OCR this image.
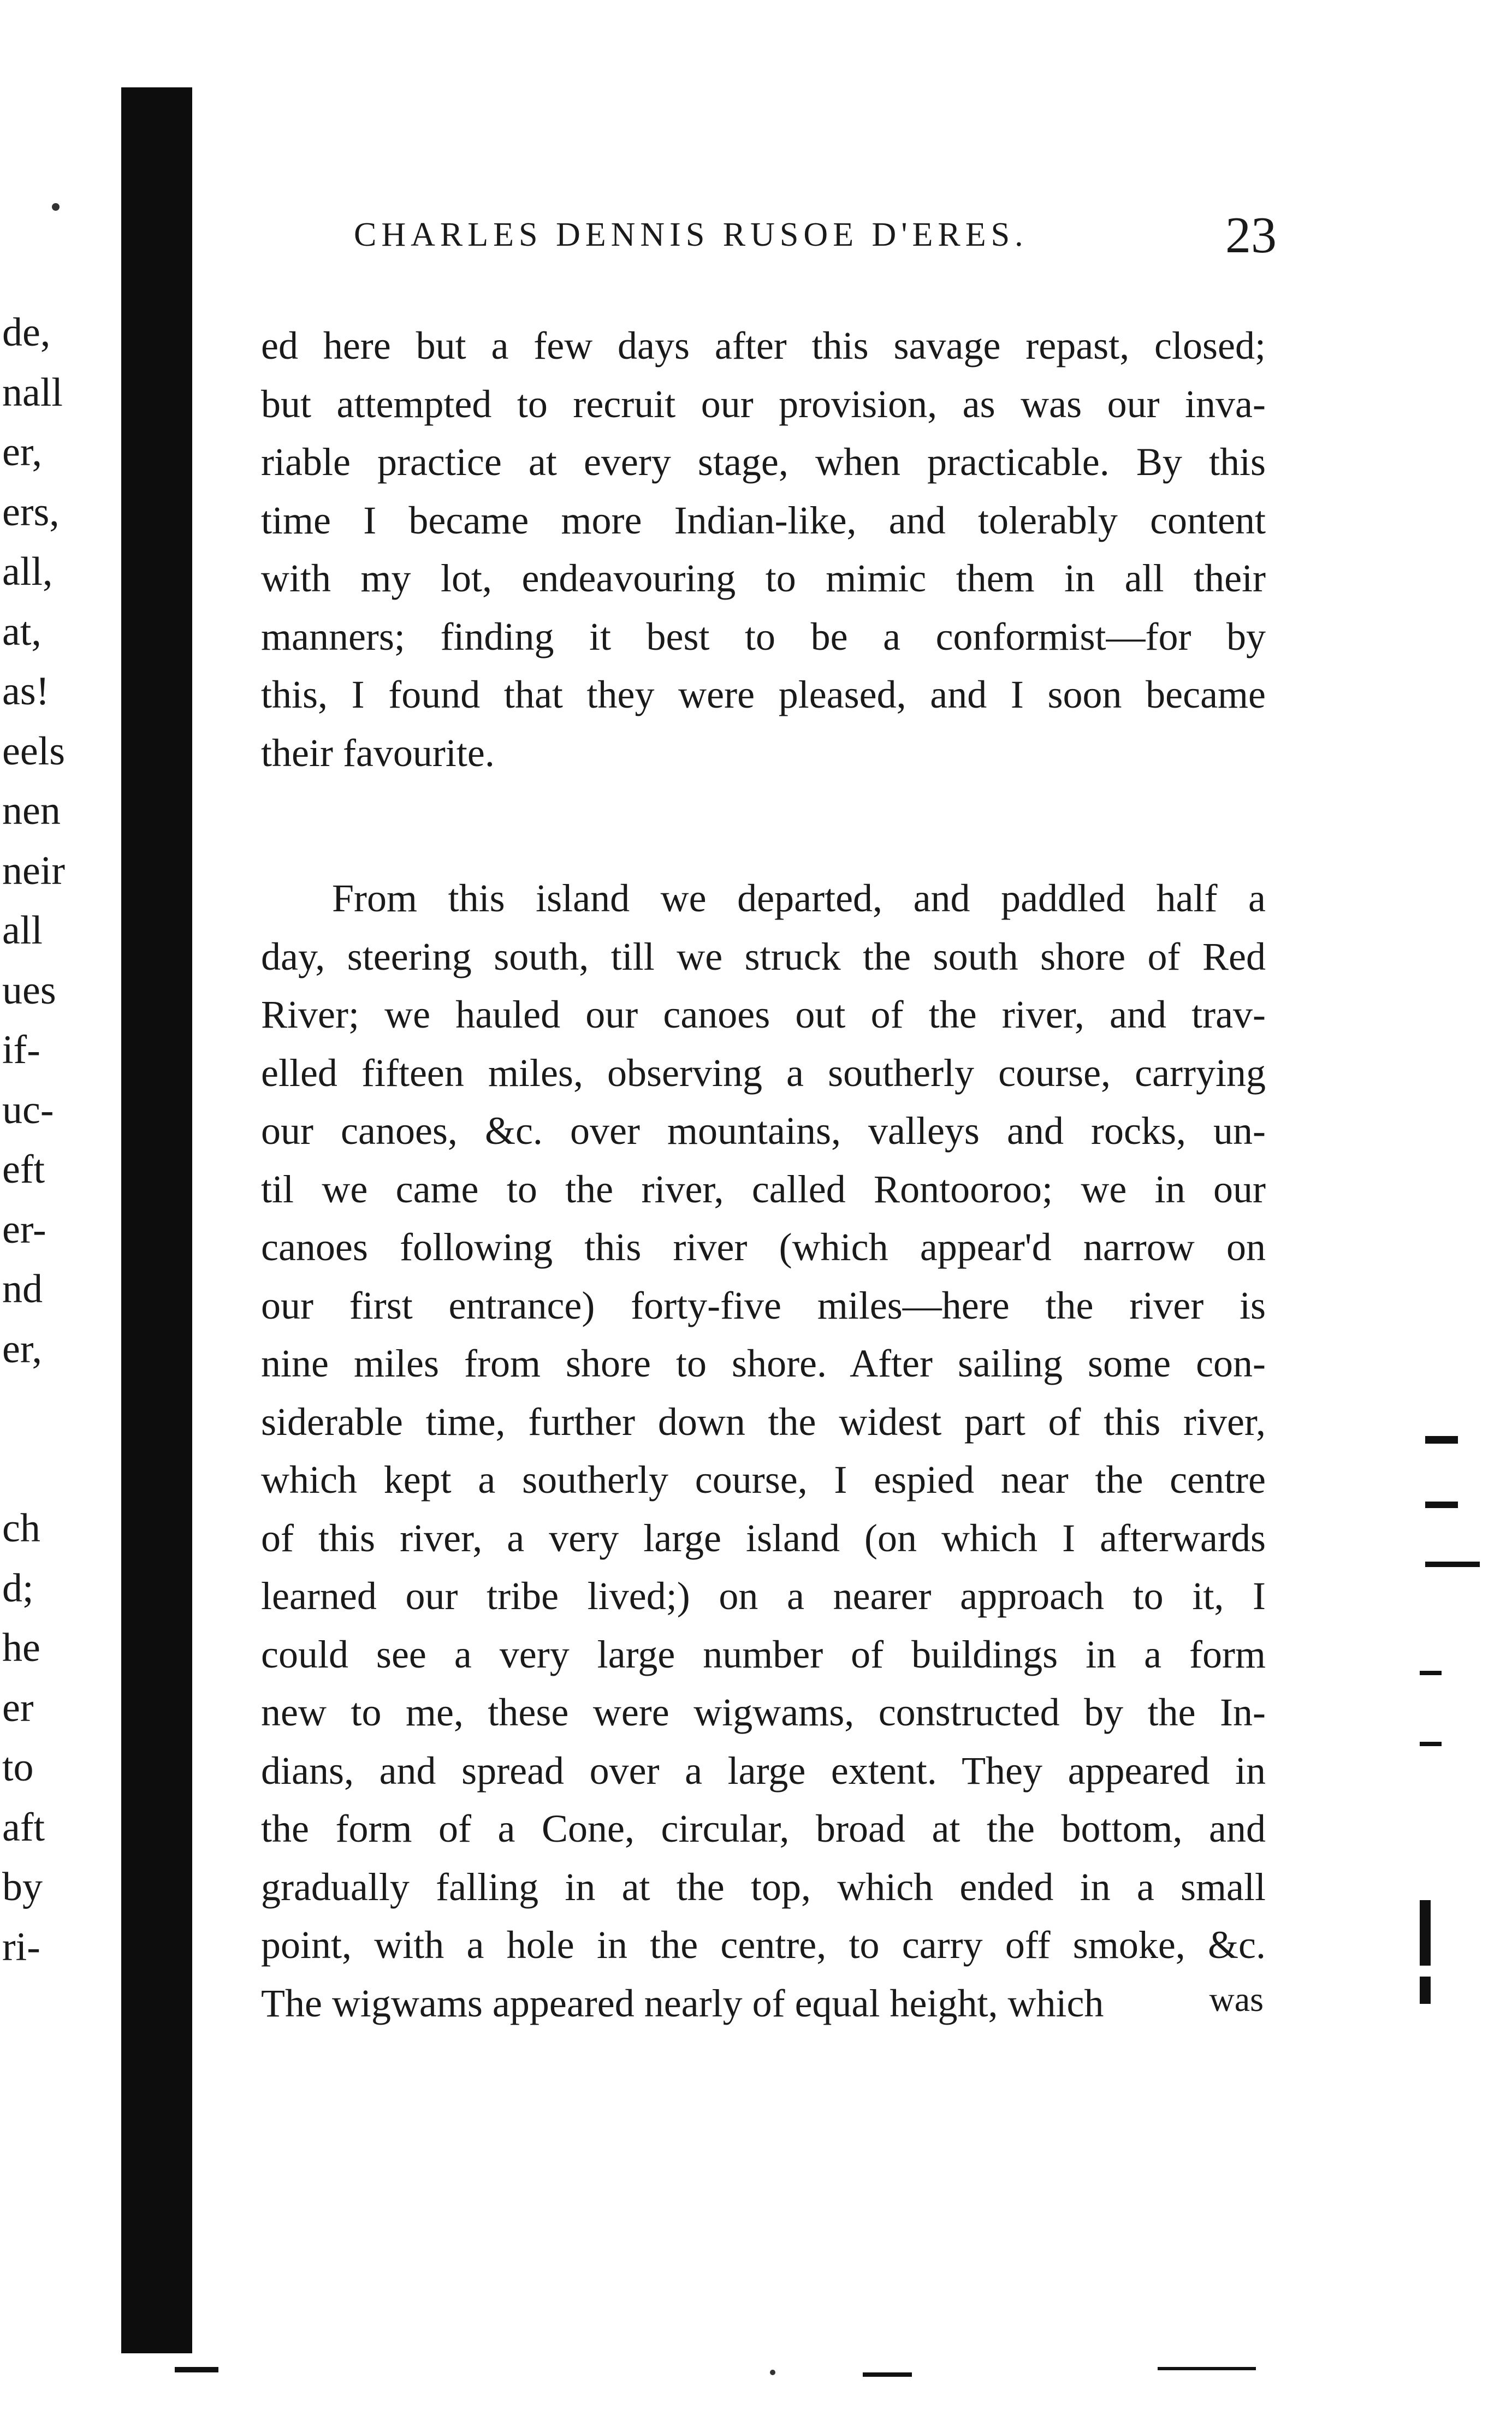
de,
nall
er,
ers,
all,
at,
as!
eels
nen
neir
all
ues
if-
uc-
eft
er-
nd
er,
ch
d;
he
er
to
aft
by
ri-
CHARLES DENNIS RUSOE D'ERES.	23
ed here but a few days after this savage repast, closed;
but attempted to recruit our provision, as was our inva-
riable practice at every stage, when practicable. By this
time I became more Indian-like, and tolerably content
with my lot, endeavouring to mimic them in all their
manners; finding it best to be a conformist—for by
this, I found that they were pleased, and I soon became
their favourite.
From this island we departed, and paddled half a
day, steering south, till we struck the south shore of Red
River; we hauled our canoes out of the river, and trav-
elled fifteen miles, observing a southerly course, carrying
our canoes, &c. over mountains, valleys and rocks, un-
til we came to the river, called Rontooroo; we in our
canoes following this river (which appear'd narrow on
our first entrance) forty-five miles—here the river is
nine miles from shore to shore. After sailing some con-
siderable time, further down the widest part of this river,
which kept a southerly course, I espied near the centre
of this river, a very large island (on which I afterwards
learned our tribe lived;) on a nearer approach to it, I
could see a very large number of buildings in a form
new to me, these were wigwams, constructed by the In-
dians, and spread over a large extent. They appeared in
the form of a Cone, circular, broad at the bottom, and
gradually falling in at the top, which ended in a small
point, with a hole in the centre, to carry off smoke, &c.
The wigwams appeared nearly of equal height, which	was
